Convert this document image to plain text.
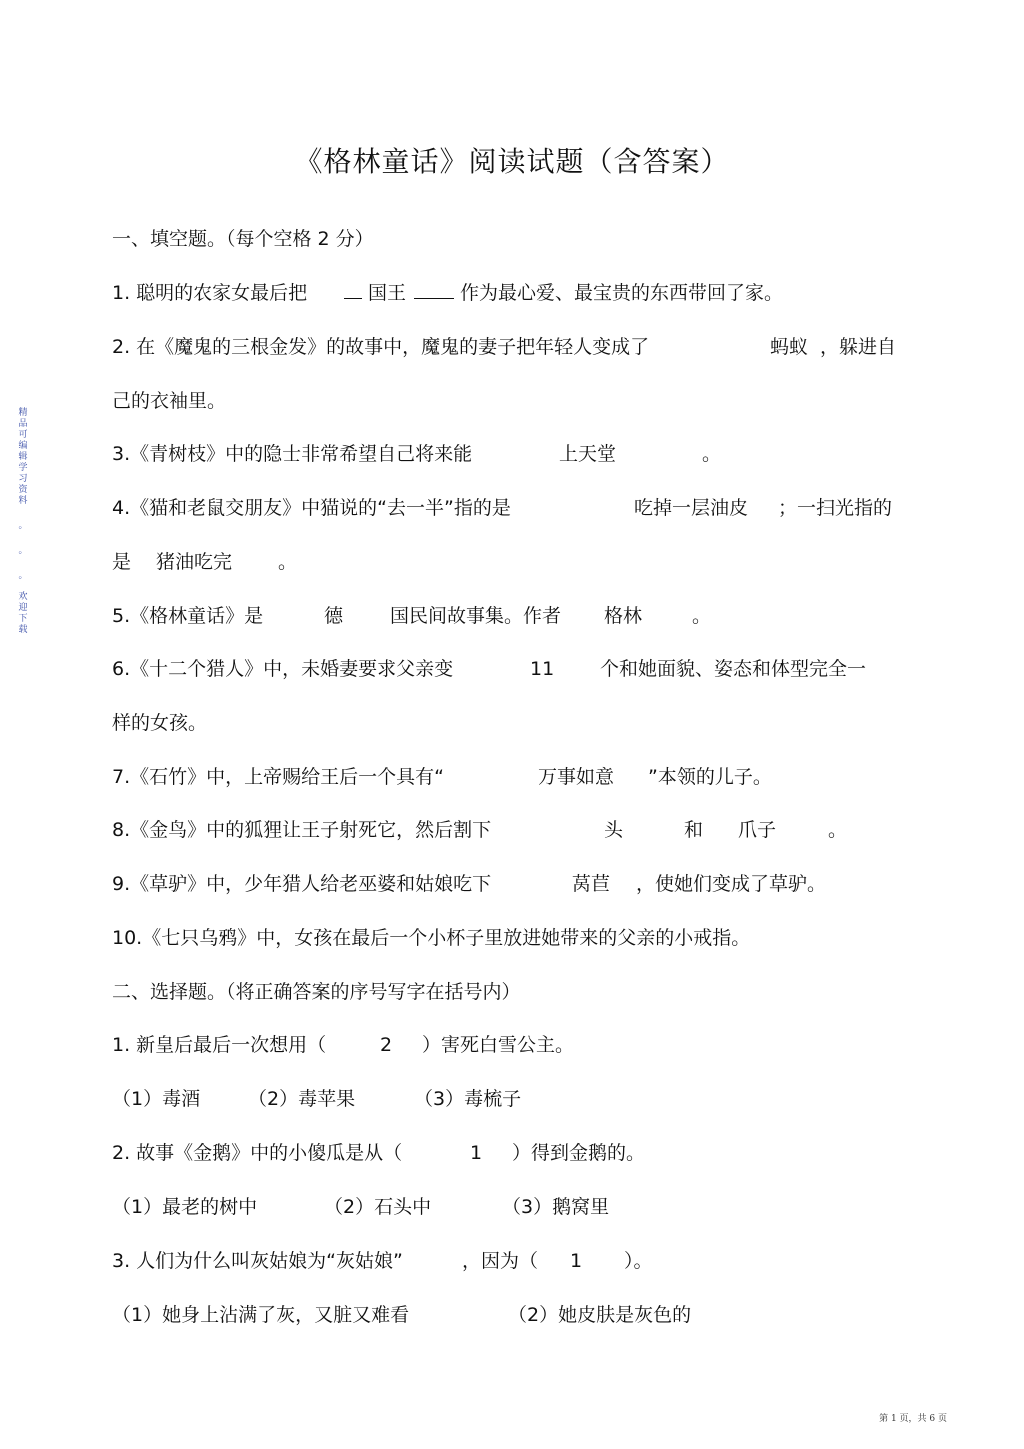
《格林童话》阅读试题（含答案）
精品可编辑学习资料
。
。
。
欢迎下载
一、填空题。（每个空格 2 分）
1. 聪明的农家女最后把	国王	作为最心爱、最宝贵的东西带回了家。
2. 在《魔鬼的三根金发》的故事中，魔鬼的妻子把年轻人变成了	蚂蚁 ，躲进自
己的衣袖里。
3.《青树枝》中的隐士非常希望自己将来能	上天堂	。
4.《猫和老鼠交朋友》中猫说的“去一半”指的是	吃掉一层油皮 ；一扫光指的
是 猪油吃完 。
5.《格林童话》是	德 国民间故事集。作者 格林	。
6.《十二个猎人》中，未婚妻要求父亲变	11 个和她面貌、姿态和体型完全一
样的女孩。
7.《石竹》中，上帝赐给王后一个具有“	万事如意 ”本领的儿子。
8.《金鸟》中的狐狸让王子射死它，然后割下	头	和 爪子	。
9.《草驴》中，少年猎人给老巫婆和姑娘吃下	莴苣 ，使她们变成了草驴。
10.《七只乌鸦》中，女孩在最后一个小杯子里放进她带来的父亲的小戒指。
二、选择题。（将正确答案的序号写字在括号内）
1. 新皇后最后一次想用（	2 ）害死白雪公主。
（1）毒酒	（2）毒苹果	（3）毒梳子
2. 故事《金鹅》中的小傻瓜是从（	1 ）得到金鹅的。
（1）最老的树中	（2）石头中	（3）鹅窝里
3. 人们为什么叫灰姑娘为“灰姑娘”	，因为（ 1 ）。
（1）她身上沾满了灰，又脏又难看	（2）她皮肤是灰色的
第 1 页，共 6 页
